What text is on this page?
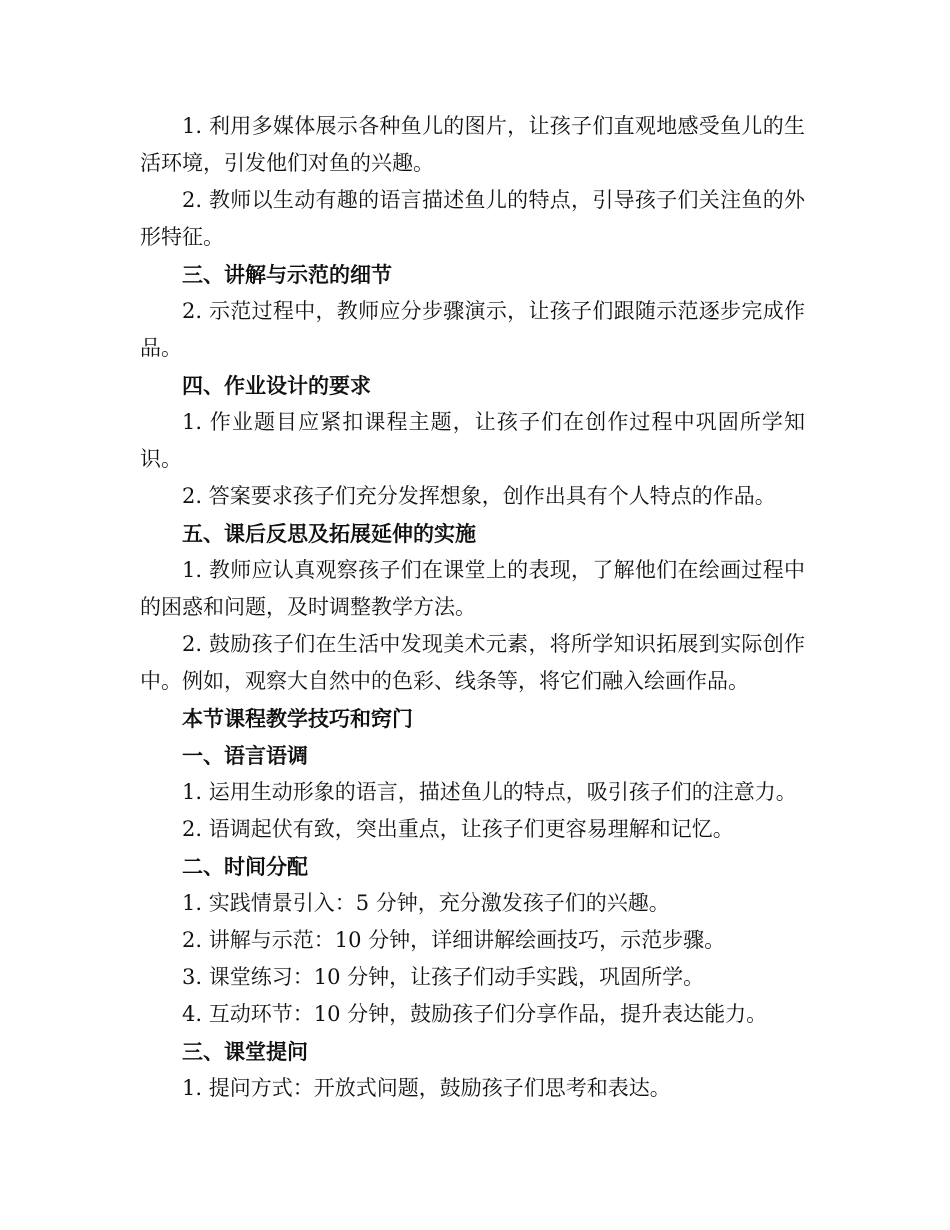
1. 利用多媒体展示各种鱼儿的图片，让孩子们直观地感受鱼儿的生活环境，引发他们对鱼的兴趣。

2. 教师以生动有趣的语言描述鱼儿的特点，引导孩子们关注鱼的外形特征。

三、讲解与示范的细节

2. 示范过程中，教师应分步骤演示，让孩子们跟随示范逐步完成作品。

四、作业设计的要求

1. 作业题目应紧扣课程主题，让孩子们在创作过程中巩固所学知识。

2. 答案要求孩子们充分发挥想象，创作出具有个人特点的作品。

五、课后反思及拓展延伸的实施

1. 教师应认真观察孩子们在课堂上的表现，了解他们在绘画过程中的困惑和问题，及时调整教学方法。

2. 鼓励孩子们在生活中发现美术元素，将所学知识拓展到实际创作中。例如，观察大自然中的色彩、线条等，将它们融入绘画作品。

本节课程教学技巧和窍门

一、语言语调

1. 运用生动形象的语言，描述鱼儿的特点，吸引孩子们的注意力。

2. 语调起伏有致，突出重点，让孩子们更容易理解和记忆。

二、时间分配

1. 实践情景引入：5 分钟，充分激发孩子们的兴趣。

2. 讲解与示范：10 分钟，详细讲解绘画技巧，示范步骤。

3. 课堂练习：10 分钟，让孩子们动手实践，巩固所学。

4. 互动环节：10 分钟，鼓励孩子们分享作品，提升表达能力。

三、课堂提问

1. 提问方式：开放式问题，鼓励孩子们思考和表达。
